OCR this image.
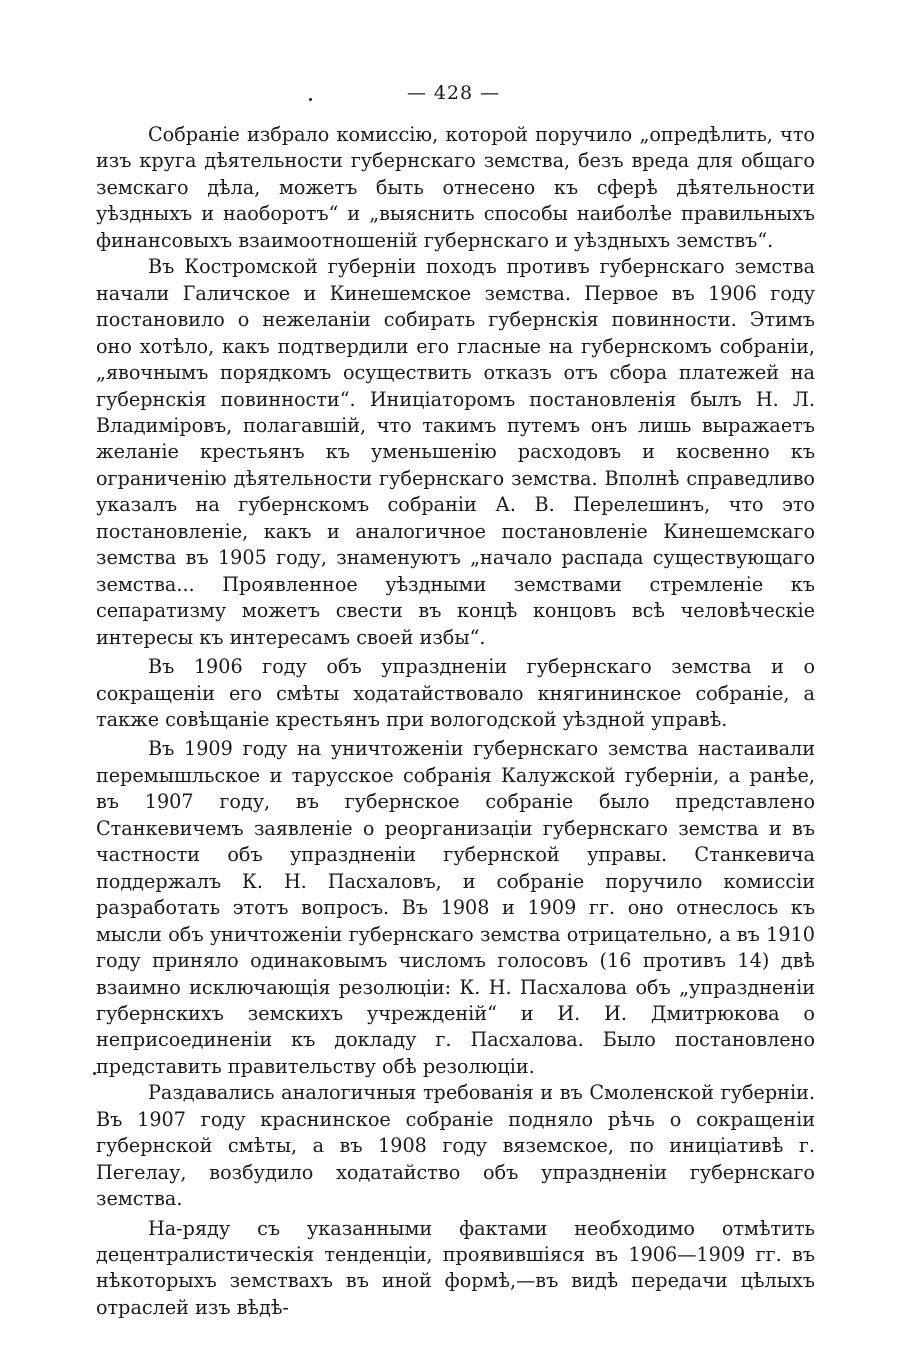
— 428 —

Собраніе избрало комиссію, которой поручило „опредѣлить, что изъ круга дѣятельности губернскаго земства, безъ вреда для общаго земскаго дѣла, можетъ быть отнесено къ сферѣ дѣятельности уѣздныхъ и наоборотъ“ и „выяснить способы наиболѣе правильныхъ финансовыхъ взаимоотношеній губернскаго и уѣздныхъ земствъ“.

Въ Костромской губерніи походъ противъ губернскаго земства начали Галичское и Кинешемское земства. Первое въ 1906 году постановило о нежеланіи собирать губернскія повинности. Этимъ оно хотѣло, какъ подтвердили его гласные на губернскомъ собраніи, „явочнымъ порядкомъ осуществить отказъ отъ сбора платежей на губернскія повинности“. Иниціаторомъ постановленія былъ Н. Л. Владиміровъ, полагавшій, что такимъ путемъ онъ лишь выражаетъ желаніе крестьянъ къ уменьшенію расходовъ и косвенно къ ограниченію дѣятельности губернскаго земства. Вполнѣ справедливо указалъ на губернскомъ собраніи А. В. Перелешинъ, что это постановленіе, какъ и аналогичное постановленіе Кинешемскаго земства въ 1905 году, знаменуютъ „начало распада существующаго земства... Проявленное уѣздными земствами стремленіе къ сепаратизму можетъ свести въ концѣ концовъ всѣ человѣческіе интересы къ интересамъ своей избы“.

Въ 1906 году объ упраздненіи губернскаго земства и о сокращеніи его смѣты ходатайствовало княгининское собраніе, а также совѣщаніе крестьянъ при вологодской уѣздной управѣ.

Въ 1909 году на уничтоженіи губернскаго земства настаивали перемышльское и тарусское собранія Калужской губерніи, а ранѣе, въ 1907 году, въ губернское собраніе было представлено Станкевичемъ заявленіе о реорганизаціи губернскаго земства и въ частности объ упраздненіи губернской управы. Станкевича поддержалъ К. Н. Пасхаловъ, и собраніе поручило комиссіи разработать этотъ вопросъ. Въ 1908 и 1909 гг. оно отнеслось къ мысли объ уничтоженіи губернскаго земства отрицательно, а въ 1910 году приняло одинаковымъ числомъ голосовъ (16 противъ 14) двѣ взаимно исключающія резолюціи: К. Н. Пасхалова объ „упраздненіи губернскихъ земскихъ учрежденій“ и И. И. Дмитрюкова о неприсоединеніи къ докладу г. Пасхалова. Было постановлено представить правительству обѣ резолюціи.

Раздавались аналогичныя требованія и въ Смоленской губерніи. Въ 1907 году краснинское собраніе подняло рѣчь о сокращеніи губернской смѣты, а въ 1908 году вяземское, по иниціативѣ г. Пегелау, возбудило ходатайство объ упраздненіи губернскаго земства.

На-ряду съ указанными фактами необходимо отмѣтить децентралистическія тенденціи, проявившіяся въ 1906—1909 гг. въ нѣкоторыхъ земствахъ въ иной формѣ,—въ видѣ передачи цѣлыхъ отраслей изъ вѣдѣ-
